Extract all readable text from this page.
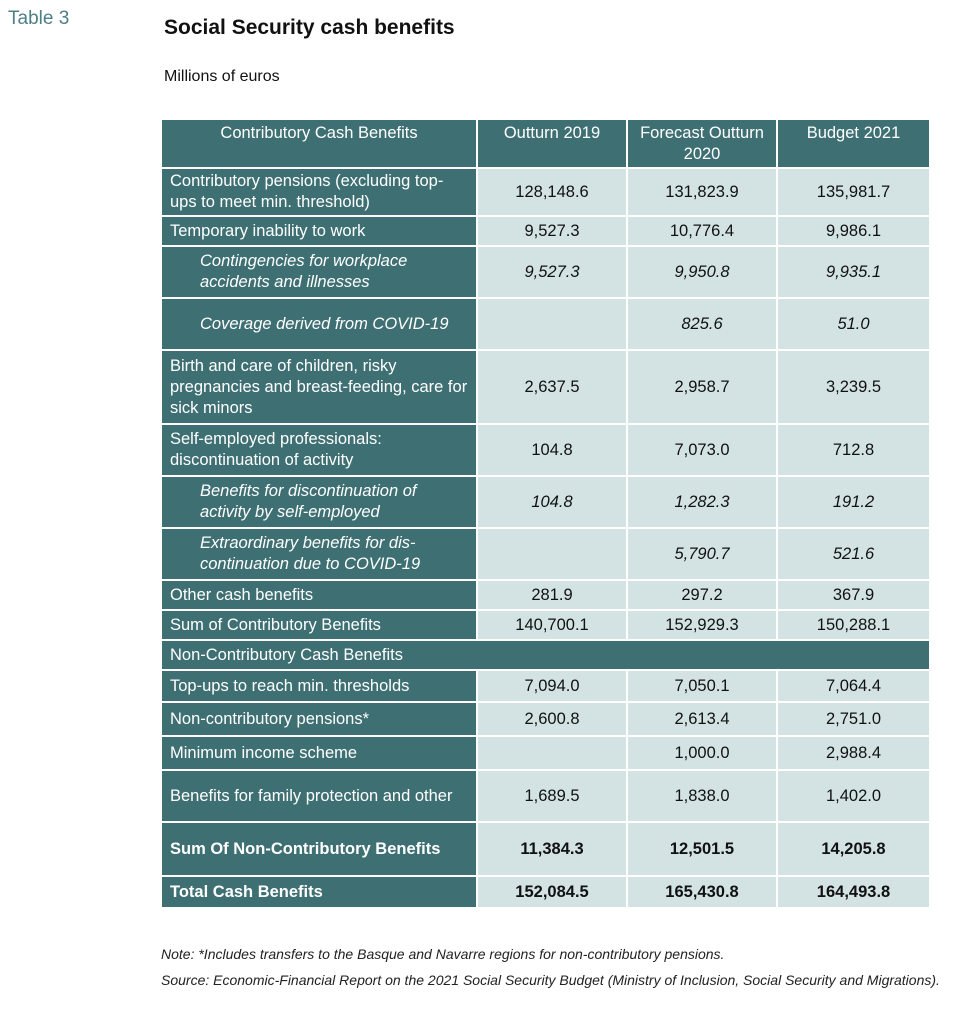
Table 3	Social Security cash benefits
Millions of euros
Contributory Cash Benefits	Outturn 2019	Forecast Outturn 2020	Budget 2021
Contributory pensions (excluding top-ups to meet min. threshold)	128,148.6	131,823.9	135,981.7
Temporary inability to work	9,527.3	10,776.4	9,986.1
Contingencies for workplace accidents and illnesses	9,527.3	9,950.8	9,935.1
Coverage derived from COVID-19		825.6	51.0
Birth and care of children, risky pregnancies and breast-feeding, care for sick minors	2,637.5	2,958.7	3,239.5
Self-employed professionals: discontinuation of activity	104.8	7,073.0	712.8
Benefits for discontinuation of activity by self-employed	104.8	1,282.3	191.2
Extraordinary benefits for dis-continuation due to COVID-19		5,790.7	521.6
Other cash benefits	281.9	297.2	367.9
Sum of Contributory Benefits	140,700.1	152,929.3	150,288.1
Non-Contributory Cash Benefits			
Top-ups to reach min. thresholds	7,094.0	7,050.1	7,064.4
Non-contributory pensions*	2,600.8	2,613.4	2,751.0
Minimum income scheme		1,000.0	2,988.4
Benefits for family protection and other	1,689.5	1,838.0	1,402.0
Sum Of Non-Contributory Benefits	11,384.3	12,501.5	14,205.8
Total Cash Benefits	152,084.5	165,430.8	164,493.8
Note: *Includes transfers to the Basque and Navarre regions for non-contributory pensions.
Source: Economic-Financial Report on the 2021 Social Security Budget (Ministry of Inclusion, Social Security and Migrations).
